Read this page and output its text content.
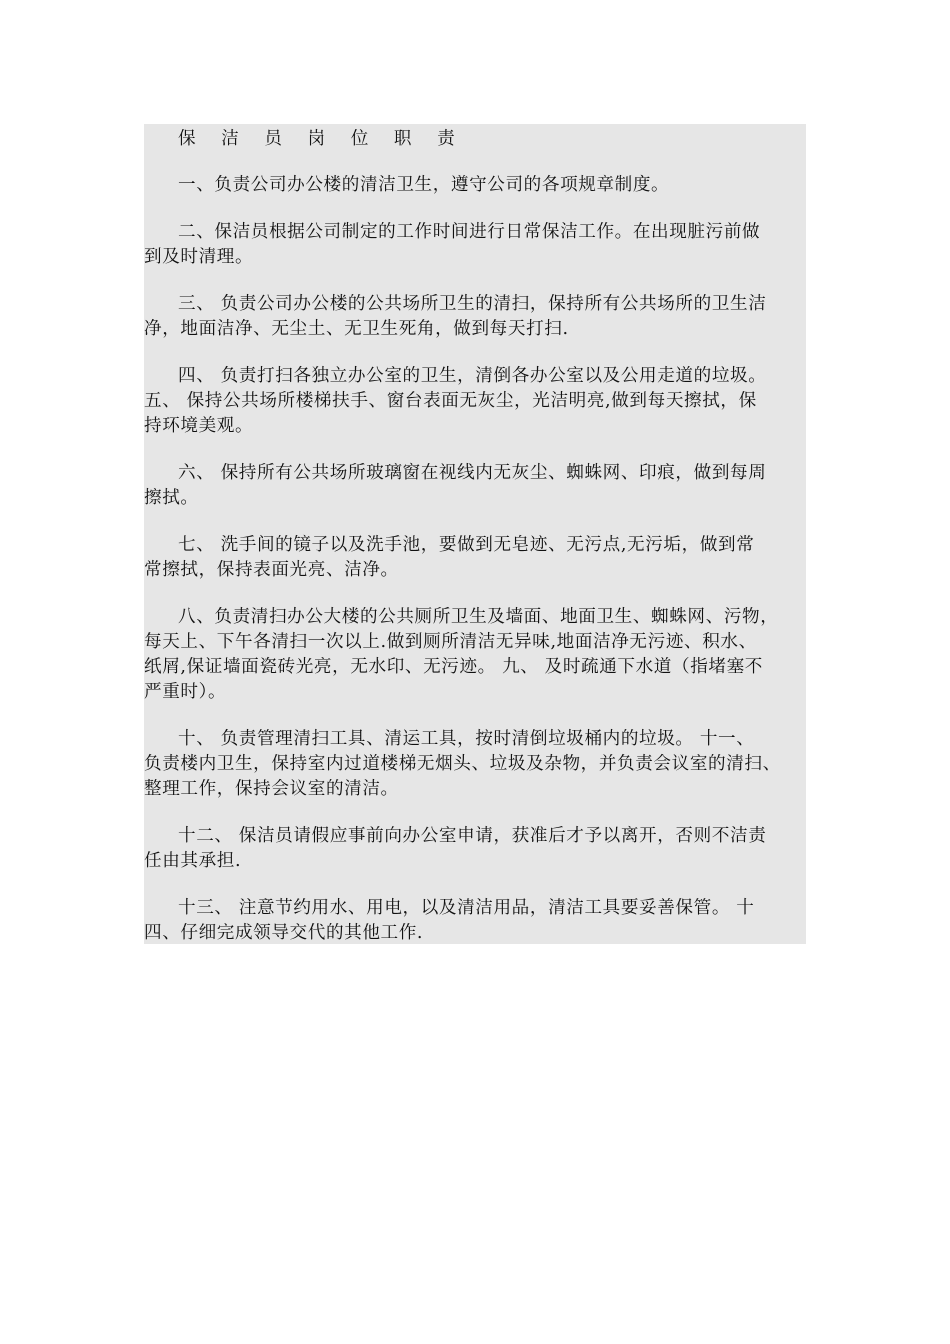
保 洁 员 岗 位 职 责
一、负责公司办公楼的清洁卫生，遵守公司的各项规章制度。
二、保洁员根据公司制定的工作时间进行日常保洁工作。在出现脏污前做
到及时清理。
三、 负责公司办公楼的公共场所卫生的清扫，保持所有公共场所的卫生洁
净，地面洁净、无尘土、无卫生死角，做到每天打扫.
四、 负责打扫各独立办公室的卫生，清倒各办公室以及公用走道的垃圾。
五、 保持公共场所楼梯扶手、窗台表面无灰尘，光洁明亮,做到每天擦拭，保
持环境美观。
六、 保持所有公共场所玻璃窗在视线内无灰尘、蜘蛛网、印痕，做到每周
擦拭。
七、 洗手间的镜子以及洗手池，要做到无皂迹、无污点,无污垢，做到常
常擦拭，保持表面光亮、洁净。
八、负责清扫办公大楼的公共厕所卫生及墙面、地面卫生、蜘蛛网、污物，
每天上、下午各清扫一次以上.做到厕所清洁无异味,地面洁净无污迹、积水、
纸屑,保证墙面瓷砖光亮，无水印、无污迹。 九、 及时疏通下水道（指堵塞不
严重时）。
十、 负责管理清扫工具、清运工具，按时清倒垃圾桶内的垃圾。 十一、
负责楼内卫生，保持室内过道楼梯无烟头、垃圾及杂物，并负责会议室的清扫、
整理工作，保持会议室的清洁。
十二、 保洁员请假应事前向办公室申请，获准后才予以离开，否则不洁责
任由其承担.
十三、 注意节约用水、用电，以及清洁用品，清洁工具要妥善保管。 十
四、仔细完成领导交代的其他工作.
